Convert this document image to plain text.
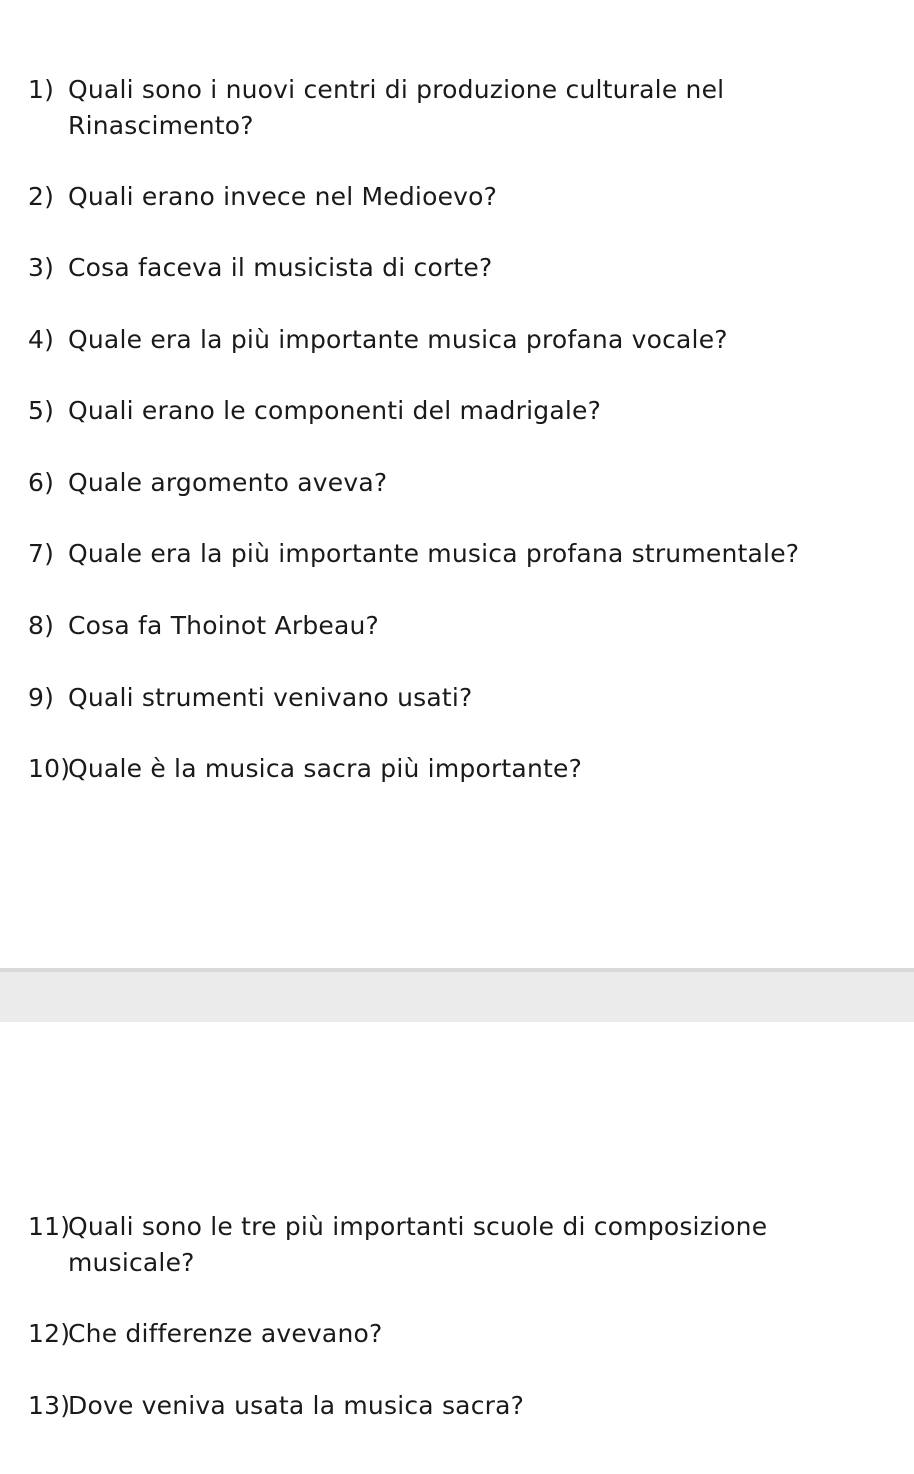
1) Quali sono i nuovi centri di produzione culturale nel
Rinascimento?
2) Quali erano invece nel Medioevo?
3) Cosa faceva il musicista di corte?
4) Quale era la più importante musica profana vocale?
5) Quali erano le componenti del madrigale?
6) Quale argomento aveva?
7) Quale era la più importante musica profana strumentale?
8) Cosa fa Thoinot Arbeau?
9) Quali strumenti venivano usati?
10)Quale è la musica sacra più importante?
11)Quali sono le tre più importanti scuole di composizione
musicale?
12)Che differenze avevano?
13)Dove veniva usata la musica sacra?
